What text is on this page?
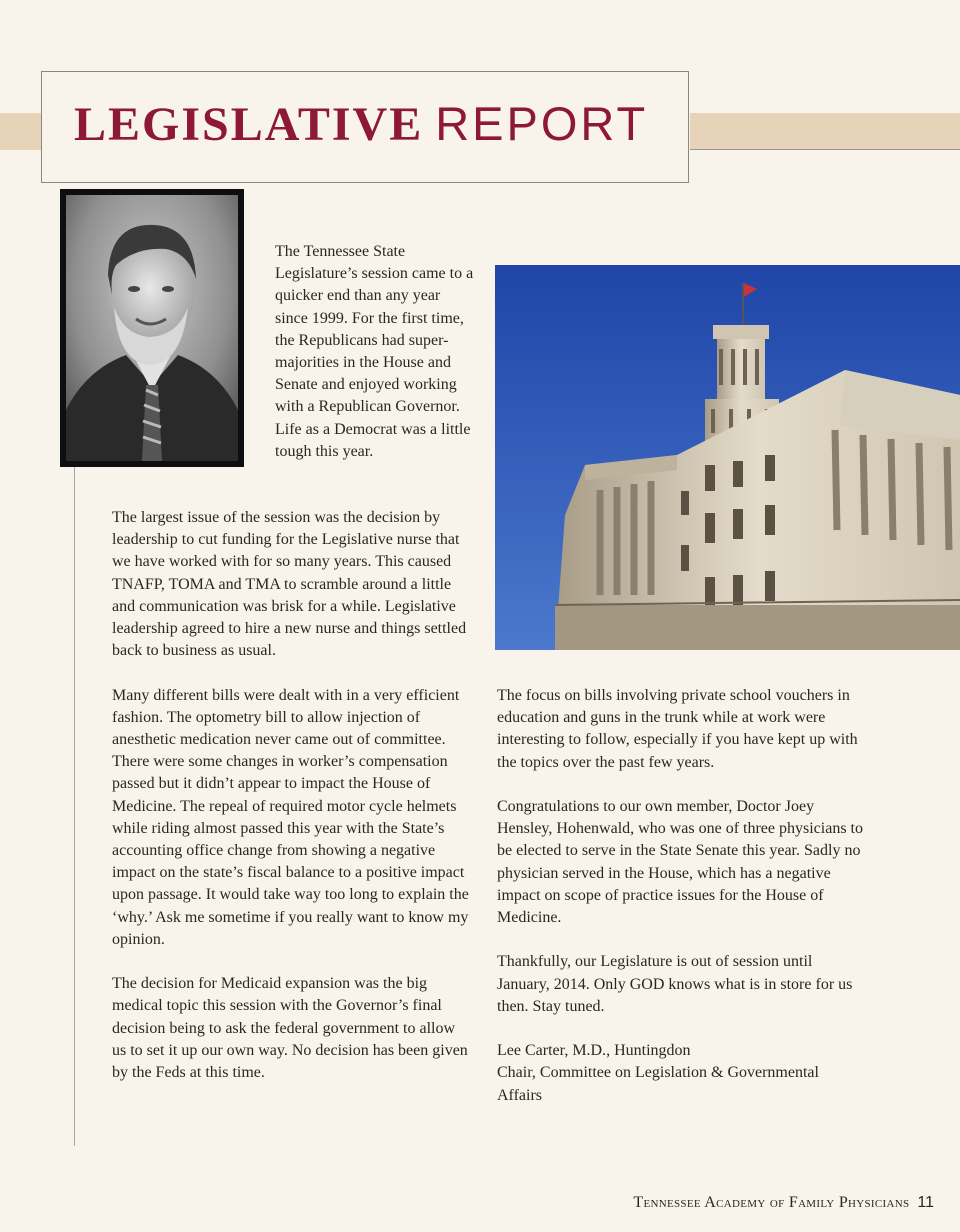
LEGISLATIVE REPORT

The Tennessee State Legislature’s session came to a quicker end than any year since 1999. For the first time, the Republicans had super-majorities in the House and Senate and enjoyed working with a Republican Governor. Life as a Democrat was a little tough this year.

The largest issue of the session was the decision by leadership to cut funding for the Legislative nurse that we have worked with for so many years. This caused TNAFP, TOMA and TMA to scramble around a little and communication was brisk for a while. Legislative leadership agreed to hire a new nurse and things settled back to business as usual.

Many different bills were dealt with in a very efficient fashion. The optometry bill to allow injection of anesthetic medication never came out of committee. There were some changes in worker’s compensation passed but it didn’t appear to impact the House of Medicine. The repeal of required motor cycle helmets while riding almost passed this year with the State’s accounting office change from showing a negative impact on the state’s fiscal balance to a positive impact upon passage. It would take way too long to explain the ‘why.’ Ask me sometime if you really want to know my opinion.

The decision for Medicaid expansion was the big medical topic this session with the Governor’s final decision being to ask the federal government to allow us to set it up our own way. No decision has been given by the Feds at this time.

The focus on bills involving private school vouchers in education and guns in the trunk while at work were interesting to follow, especially if you have kept up with the topics over the past few years.

Congratulations to our own member, Doctor Joey Hensley, Hohenwald, who was one of three physicians to be elected to serve in the State Senate this year. Sadly no physician served in the House, which has a negative impact on scope of practice issues for the House of Medicine.

Thankfully, our Legislature is out of session until January, 2014. Only GOD knows what is in store for us then. Stay tuned.

Lee Carter, M.D., Huntingdon
Chair, Committee on Legislation & Governmental Affairs
Tennessee Academy of Family Physicians 11
